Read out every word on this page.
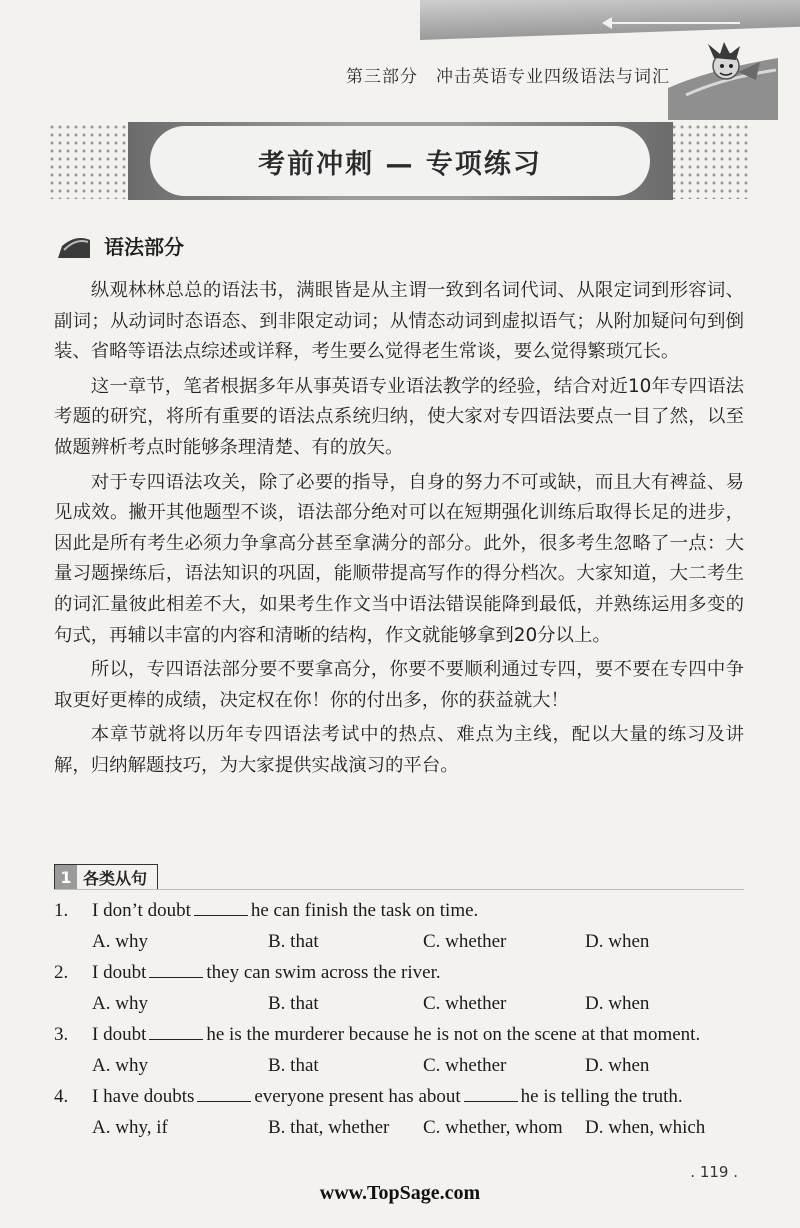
第三部分　冲击英语专业四级语法与词汇
考前冲刺 — 专项练习
语法部分

纵观林林总总的语法书，满眼皆是从主谓一致到名词代词、从限定词到形容词、副词；从动词时态语态、到非限定动词；从情态动词到虚拟语气；从附加疑问句到倒装、省略等语法点综述或详释，考生要么觉得老生常谈，要么觉得繁琐冗长。

这一章节，笔者根据多年从事英语专业语法教学的经验，结合对近10年专四语法考题的研究，将所有重要的语法点系统归纳，使大家对专四语法要点一目了然，以至做题辨析考点时能够条理清楚、有的放矢。

对于专四语法攻关，除了必要的指导，自身的努力不可或缺，而且大有裨益、易见成效。撇开其他题型不谈，语法部分绝对可以在短期强化训练后取得长足的进步，因此是所有考生必须力争拿高分甚至拿满分的部分。此外，很多考生忽略了一点：大量习题操练后，语法知识的巩固，能顺带提高写作的得分档次。大家知道，大二考生的词汇量彼此相差不大，如果考生作文当中语法错误能降到最低，并熟练运用多变的句式，再辅以丰富的内容和清晰的结构，作文就能够拿到20分以上。

所以，专四语法部分要不要拿高分，你要不要顺利通过专四，要不要在专四中争取更好更棒的成绩，决定权在你！你的付出多，你的获益就大！

本章节就将以历年专四语法考试中的热点、难点为主线，配以大量的练习及讲解，归纳解题技巧，为大家提供实战演习的平台。

1 各类从句
1. I don’t doubt	he can finish the task on time.
A. why	B. that	C. whether	D. when
2. I doubt	they can swim across the river.
A. why	B. that	C. whether	D. when
3. I doubt	he is the murderer because he is not on the scene at that moment.
A. why	B. that	C. whether	D. when
4. I have doubts	everyone present has about	he is telling the truth.
A. why, if	B. that, whether C. whether, whom D. when, which
. 119 .
www.TopSage.com
